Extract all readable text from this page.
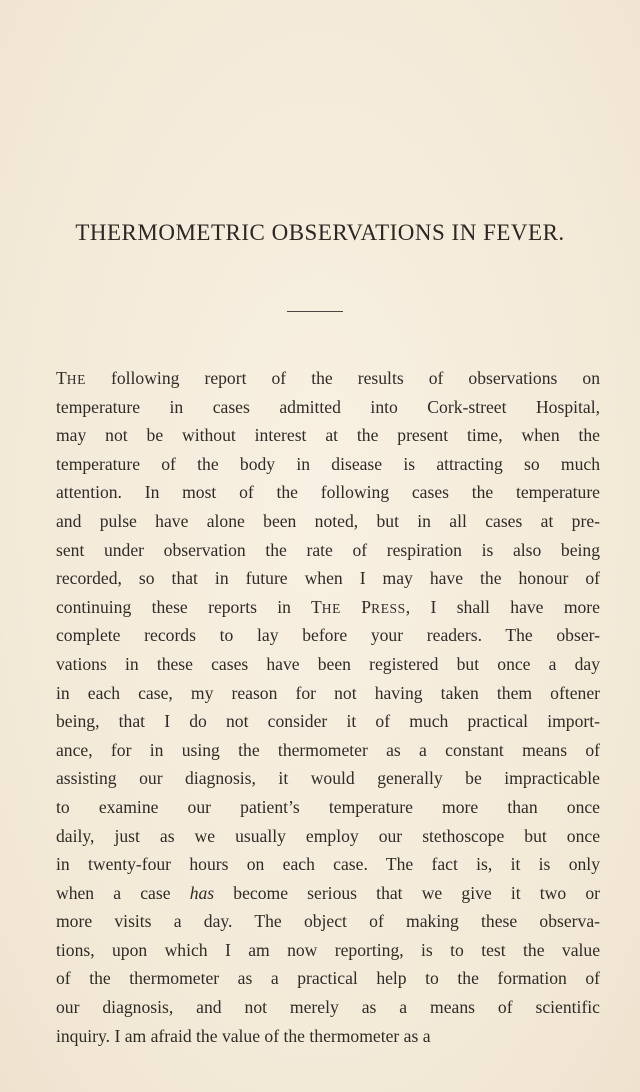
THERMOMETRIC OBSERVATIONS IN FEVER.
THE following report of the results of observations on
temperature in cases admitted into Cork-street Hospital,
may not be without interest at the present time, when the
temperature of the body in disease is attracting so much
attention. In most of the following cases the temperature
and pulse have alone been noted, but in all cases at pre-
sent under observation the rate of respiration is also being
recorded, so that in future when I may have the honour of
continuing these reports in THE PRESS, I shall have more
complete records to lay before your readers. The obser-
vations in these cases have been registered but once a day
in each case, my reason for not having taken them oftener
being, that I do not consider it of much practical import-
ance, for in using the thermometer as a constant means of
assisting our diagnosis, it would generally be impracticable
to examine our patient’s temperature more than once
daily, just as we usually employ our stethoscope but once
in twenty-four hours on each case. The fact is, it is only
when a case has become serious that we give it two or
more visits a day. The object of making these observa-
tions, upon which I am now reporting, is to test the value
of the thermometer as a practical help to the formation of
our diagnosis, and not merely as a means of scientific
inquiry. I am afraid the value of the thermometer as a
